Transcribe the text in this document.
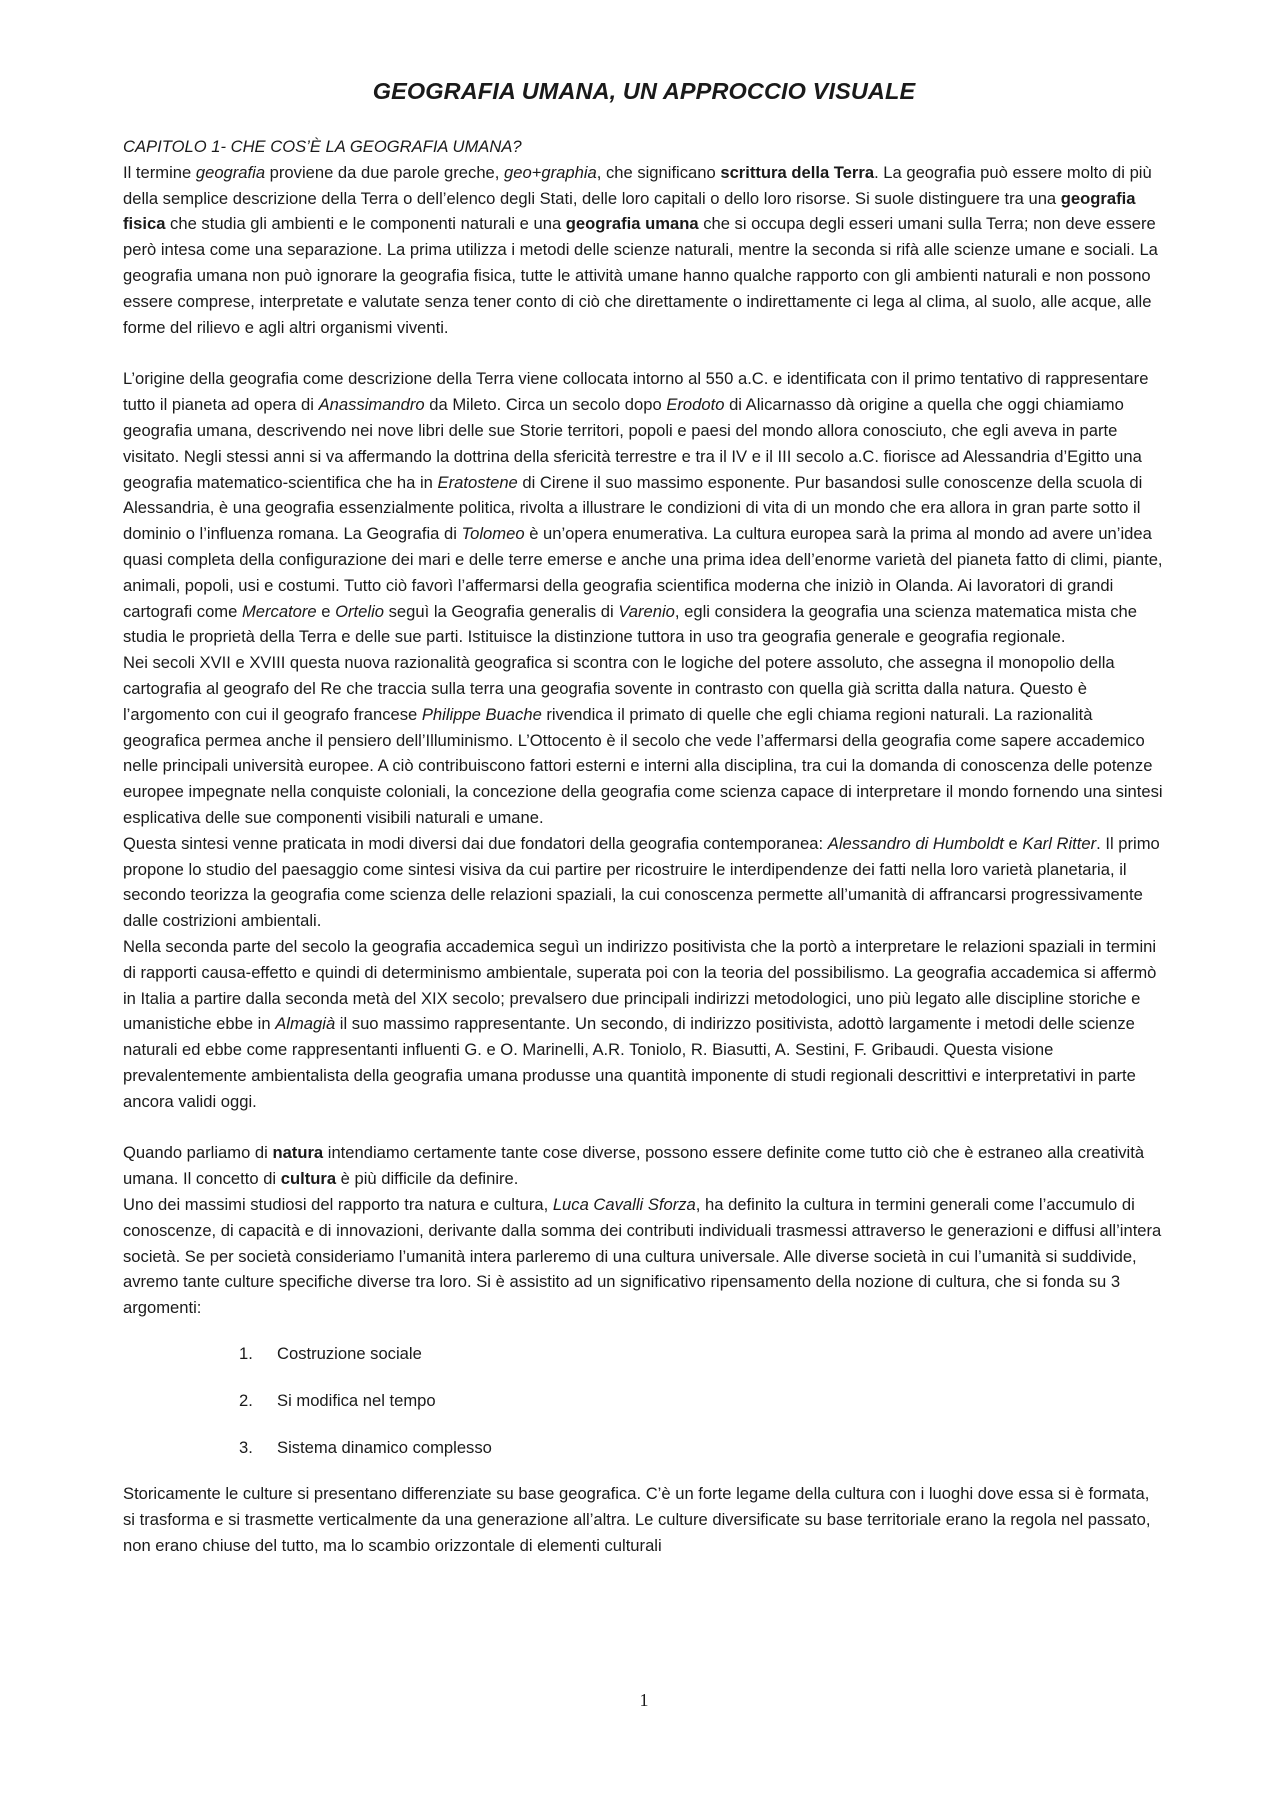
GEOGRAFIA UMANA, UN APPROCCIO VISUALE

CAPITOLO 1- CHE COS’È LA GEOGRAFIA UMANA?

Il termine geografia proviene da due parole greche, geo+graphia, che significano scrittura della Terra. La geografia può essere molto di più della semplice descrizione della Terra o dell’elenco degli Stati, delle loro capitali o dello loro risorse. Si suole distinguere tra una geografia fisica che studia gli ambienti e le componenti naturali e una geografia umana che si occupa degli esseri umani sulla Terra; non deve essere però intesa come una separazione. La prima utilizza i metodi delle scienze naturali, mentre la seconda si rifà alle scienze umane e sociali. La geografia umana non può ignorare la geografia fisica, tutte le attività umane hanno qualche rapporto con gli ambienti naturali e non possono essere comprese, interpretate e valutate senza tener conto di ciò che direttamente o indirettamente ci lega al clima, al suolo, alle acque, alle forme del rilievo e agli altri organismi viventi.

L’origine della geografia come descrizione della Terra viene collocata intorno al 550 a.C. e identificata con il primo tentativo di rappresentare tutto il pianeta ad opera di Anassimandro da Mileto. Circa un secolo dopo Erodoto di Alicarnasso dà origine a quella che oggi chiamiamo geografia umana, descrivendo nei nove libri delle sue Storie territori, popoli e paesi del mondo allora conosciuto, che egli aveva in parte visitato. Negli stessi anni si va affermando la dottrina della sfericità terrestre e tra il IV e il III secolo a.C. fiorisce ad Alessandria d’Egitto una geografia matematico-scientifica che ha in Eratostene di Cirene il suo massimo esponente. Pur basandosi sulle conoscenze della scuola di Alessandria, è una geografia essenzialmente politica, rivolta a illustrare le condizioni di vita di un mondo che era allora in gran parte sotto il dominio o l’influenza romana. La Geografia di Tolomeo è un’opera enumerativa. La cultura europea sarà la prima al mondo ad avere un’idea quasi completa della configurazione dei mari e delle terre emerse e anche una prima idea dell’enorme varietà del pianeta fatto di climi, piante, animali, popoli, usi e costumi. Tutto ciò favorì l’affermarsi della geografia scientifica moderna che iniziò in Olanda. Ai lavoratori di grandi cartografi come Mercatore e Ortelio seguì la Geografia generalis di Varenio, egli considera la geografia una scienza matematica mista che studia le proprietà della Terra e delle sue parti. Istituisce la distinzione tuttora in uso tra geografia generale e geografia regionale.

Nei secoli XVII e XVIII questa nuova razionalità geografica si scontra con le logiche del potere assoluto, che assegna il monopolio della cartografia al geografo del Re che traccia sulla terra una geografia sovente in contrasto con quella già scritta dalla natura. Questo è l’argomento con cui il geografo francese Philippe Buache rivendica il primato di quelle che egli chiama regioni naturali. La razionalità geografica permea anche il pensiero dell’Illuminismo. L’Ottocento è il secolo che vede l’affermarsi della geografia come sapere accademico nelle principali università europee. A ciò contribuiscono fattori esterni e interni alla disciplina, tra cui la domanda di conoscenza delle potenze europee impegnate nella conquiste coloniali, la concezione della geografia come scienza capace di interpretare il mondo fornendo una sintesi esplicativa delle sue componenti visibili naturali e umane.

Questa sintesi venne praticata in modi diversi dai due fondatori della geografia contemporanea: Alessandro di Humboldt e Karl Ritter. Il primo propone lo studio del paesaggio come sintesi visiva da cui partire per ricostruire le interdipendenze dei fatti nella loro varietà planetaria, il secondo teorizza la geografia come scienza delle relazioni spaziali, la cui conoscenza permette all’umanità di affrancarsi progressivamente dalle costrizioni ambientali.

Nella seconda parte del secolo la geografia accademica seguì un indirizzo positivista che la portò a interpretare le relazioni spaziali in termini di rapporti causa-effetto e quindi di determinismo ambientale, superata poi con la teoria del possibilismo. La geografia accademica si affermò in Italia a partire dalla seconda metà del XIX secolo; prevalsero due principali indirizzi metodologici, uno più legato alle discipline storiche e umanistiche ebbe in Almagià il suo massimo rappresentante. Un secondo, di indirizzo positivista, adottò largamente i metodi delle scienze naturali ed ebbe come rappresentanti influenti G. e O. Marinelli, A.R. Toniolo, R. Biasutti, A. Sestini, F. Gribaudi. Questa visione prevalentemente ambientalista della geografia umana produsse una quantità imponente di studi regionali descrittivi e interpretativi in parte ancora validi oggi.

Quando parliamo di natura intendiamo certamente tante cose diverse, possono essere definite come tutto ciò che è estraneo alla creatività umana. Il concetto di cultura è più difficile da definire.

Uno dei massimi studiosi del rapporto tra natura e cultura, Luca Cavalli Sforza, ha definito la cultura in termini generali come l’accumulo di conoscenze, di capacità e di innovazioni, derivante dalla somma dei contributi individuali trasmessi attraverso le generazioni e diffusi all’intera società. Se per società consideriamo l’umanità intera parleremo di una cultura universale. Alle diverse società in cui l’umanità si suddivide, avremo tante culture specifiche diverse tra loro. Si è assistito ad un significativo ripensamento della nozione di cultura, che si fonda su 3 argomenti:

1. Costruzione sociale
2. Si modifica nel tempo
3. Sistema dinamico complesso

Storicamente le culture si presentano differenziate su base geografica. C’è un forte legame della cultura con i luoghi dove essa si è formata, si trasforma e si trasmette verticalmente da una generazione all’altra. Le culture diversificate su base territoriale erano la regola nel passato, non erano chiuse del tutto, ma lo scambio orizzontale di elementi culturali

1
